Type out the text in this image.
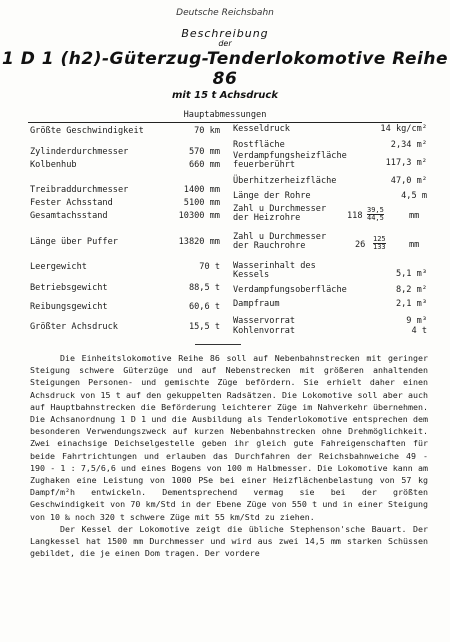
Deutsche Reichsbahn
Beschreibung
der
1 D 1 (h2)-Güterzug-Tenderlokomotive Reihe 86
mit 15 t Achsdruck
Hauptabmessungen
Größte Geschwindigkeit	70 km
Zylinderdurchmesser	570 mm
Kolbenhub	660 mm
Treibraddurchmesser	1400 mm
Fester Achsstand	5100 mm
Gesamtachsstand	10300 mm
Länge über Puffer	13820 mm
Leergewicht	70 t
Betriebsgewicht	88,5 t
Reibungsgewicht	60,6 t
Größter Achsdruck	15,5 t
Kesseldruck	14 kg/cm²
Rostfläche	2,34 m²
Verdampfungsheizfläche feuerberührt	117,3 m²
Überhitzerheizfläche	47,0 m²
Länge der Rohre	4,5 m
Zahl u Durchmesser der Heizrohre	$118 \frac{39,5}{44,5}$	mm
Zahl u Durchmesser der Rauchrohre	$26 \frac{125}{133}$	mm
Wasserinhalt des Kessels	5,1 m³
Verdampfungsoberfläche	8,2 m²
Dampfraum	2,1 m³
Wasservorrat	9 m³
Kohlenvorrat	4 t

Die Einheitslokomotive Reihe 86 soll auf Nebenbahnstrecken mit geringer Steigung schwere Güterzüge und auf Nebenstrecken mit größeren anhaltenden Steigungen Personen- und gemischte Züge befördern. Sie erhielt daher einen Achsdruck von 15 t auf den gekuppelten Radsätzen. Die Lokomotive soll aber auch auf Hauptbahnstrecken die Beförderung leichterer Züge im Nahverkehr übernehmen. Die Achsanordnung 1 D 1 und die Ausbildung als Tenderlokomotive entsprechen dem besonderen Verwendungszweck auf kurzen Nebenbahnstrecken ohne Drehmöglichkeit. Zwei einachsige Deichselgestelle geben ihr gleich gute Fahreigenschaften für beide Fahrtrichtungen und erlauben das Durchfahren der Reichsbahnweiche 49 - 190 - 1 : 7,5/6,6 und eines Bogens von 100 m Halbmesser. Die Lokomotive kann am Zughaken eine Leistung von 1000 PSe bei einer Heizflächenbelastung von 57 kg Dampf/m²h entwickeln. Dementsprechend vermag sie bei der größten Geschwindigkeit von 70 km/Std in der Ebene Züge von 550 t und in einer Steigung von 10 ‰ noch 320 t schwere Züge mit 55 km/Std zu ziehen.

Der Kessel der Lokomotive zeigt die übliche Stephenson'sche Bauart. Der Langkessel hat 1500 mm Durchmesser und wird aus zwei 14,5 mm starken Schüssen gebildet, die je einen Dom tragen. Der vordere
